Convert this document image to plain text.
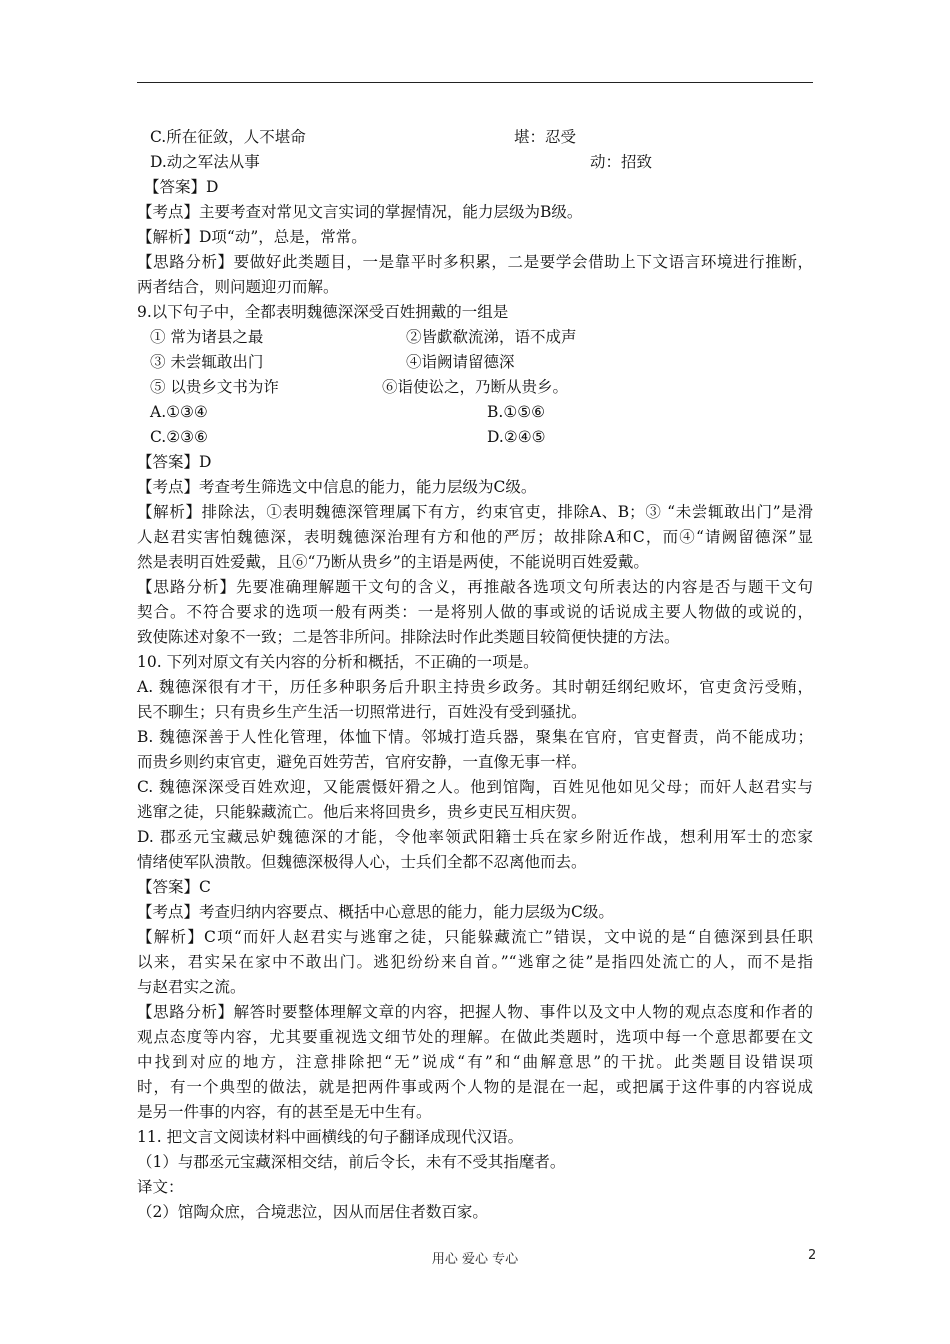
C.所在征敛，人不堪命	堪：忍受
D.动之军法从事	动：招致
【答案】D
【考点】主要考查对常见文言实词的掌握情况，能力层级为B级。
【解析】D项“动”，总是，常常。
【思路分析】要做好此类题目，一是靠平时多积累，二是要学会借助上下文语言环境进行推断，
两者结合，则问题迎刃而解。
9.以下句子中，全都表明魏德深深受百姓拥戴的一组是
① 常为诸县之最	②皆歔欷流涕，语不成声
③ 未尝辄敢出门	④诣阙请留德深
⑤ 以贵乡文书为诈	⑥诣使讼之，乃断从贵乡。
A.①③④	B.①⑤⑥
C.②③⑥	D.②④⑤
【答案】D
【考点】考查考生筛选文中信息的能力，能力层级为C级。
【解析】排除法，①表明魏德深管理属下有方，约束官吏，排除A、B；③ “未尝辄敢出门”是滑
人赵君实害怕魏德深，表明魏德深治理有方和他的严厉；故排除A和C，而④“请阙留德深”显
然是表明百姓爱戴，且⑥“乃断从贵乡”的主语是两使，不能说明百姓爱戴。
【思路分析】先要准确理解题干文句的含义，再推敲各选项文句所表达的内容是否与题干文句
契合。不符合要求的选项一般有两类：一是将别人做的事或说的话说成主要人物做的或说的，
致使陈述对象不一致；二是答非所问。排除法时作此类题目较简便快捷的方法。
10. 下列对原文有关内容的分析和概括，不正确的一项是。
A. 魏德深很有才干，历任多种职务后升职主持贵乡政务。其时朝廷纲纪败坏，官吏贪污受贿，
民不聊生；只有贵乡生产生活一切照常进行，百姓没有受到骚扰。
B. 魏德深善于人性化管理，体恤下情。邻城打造兵器，聚集在官府，官吏督责，尚不能成功；
而贵乡则约束官吏，避免百姓劳苦，官府安静，一直像无事一样。
C. 魏德深深受百姓欢迎，又能震慑奸猾之人。他到馆陶，百姓见他如见父母；而奸人赵君实与
逃窜之徒，只能躲藏流亡。他后来将回贵乡，贵乡吏民互相庆贺。
D. 郡丞元宝藏忌妒魏德深的才能，令他率领武阳籍士兵在家乡附近作战，想利用军士的恋家
情绪使军队溃散。但魏德深极得人心，士兵们全都不忍离他而去。
【答案】C
【考点】考查归纳内容要点、概括中心意思的能力，能力层级为C级。
【解析】C项“而奸人赵君实与逃窜之徒，只能躲藏流亡”错误，文中说的是“自德深到县任职
以来，君实呆在家中不敢出门。逃犯纷纷来自首。”“逃窜之徒”是指四处流亡的人，而不是指
与赵君实之流。
【思路分析】解答时要整体理解文章的内容，把握人物、事件以及文中人物的观点态度和作者的
观点态度等内容，尤其要重视选文细节处的理解。在做此类题时，选项中每一个意思都要在文
中找到对应的地方，注意排除把“无”说成“有”和“曲解意思”的干扰。此类题目设错误项
时，有一个典型的做法，就是把两件事或两个人物的是混在一起，或把属于这件事的内容说成
是另一件事的内容，有的甚至是无中生有。
11. 把文言文阅读材料中画横线的句子翻译成现代汉语。
（1）与郡丞元宝藏深相交结，前后令长，未有不受其指麾者。
译文：
（2）馆陶众庶，合境悲泣，因从而居住者数百家。
用心 爱心 专心	2
